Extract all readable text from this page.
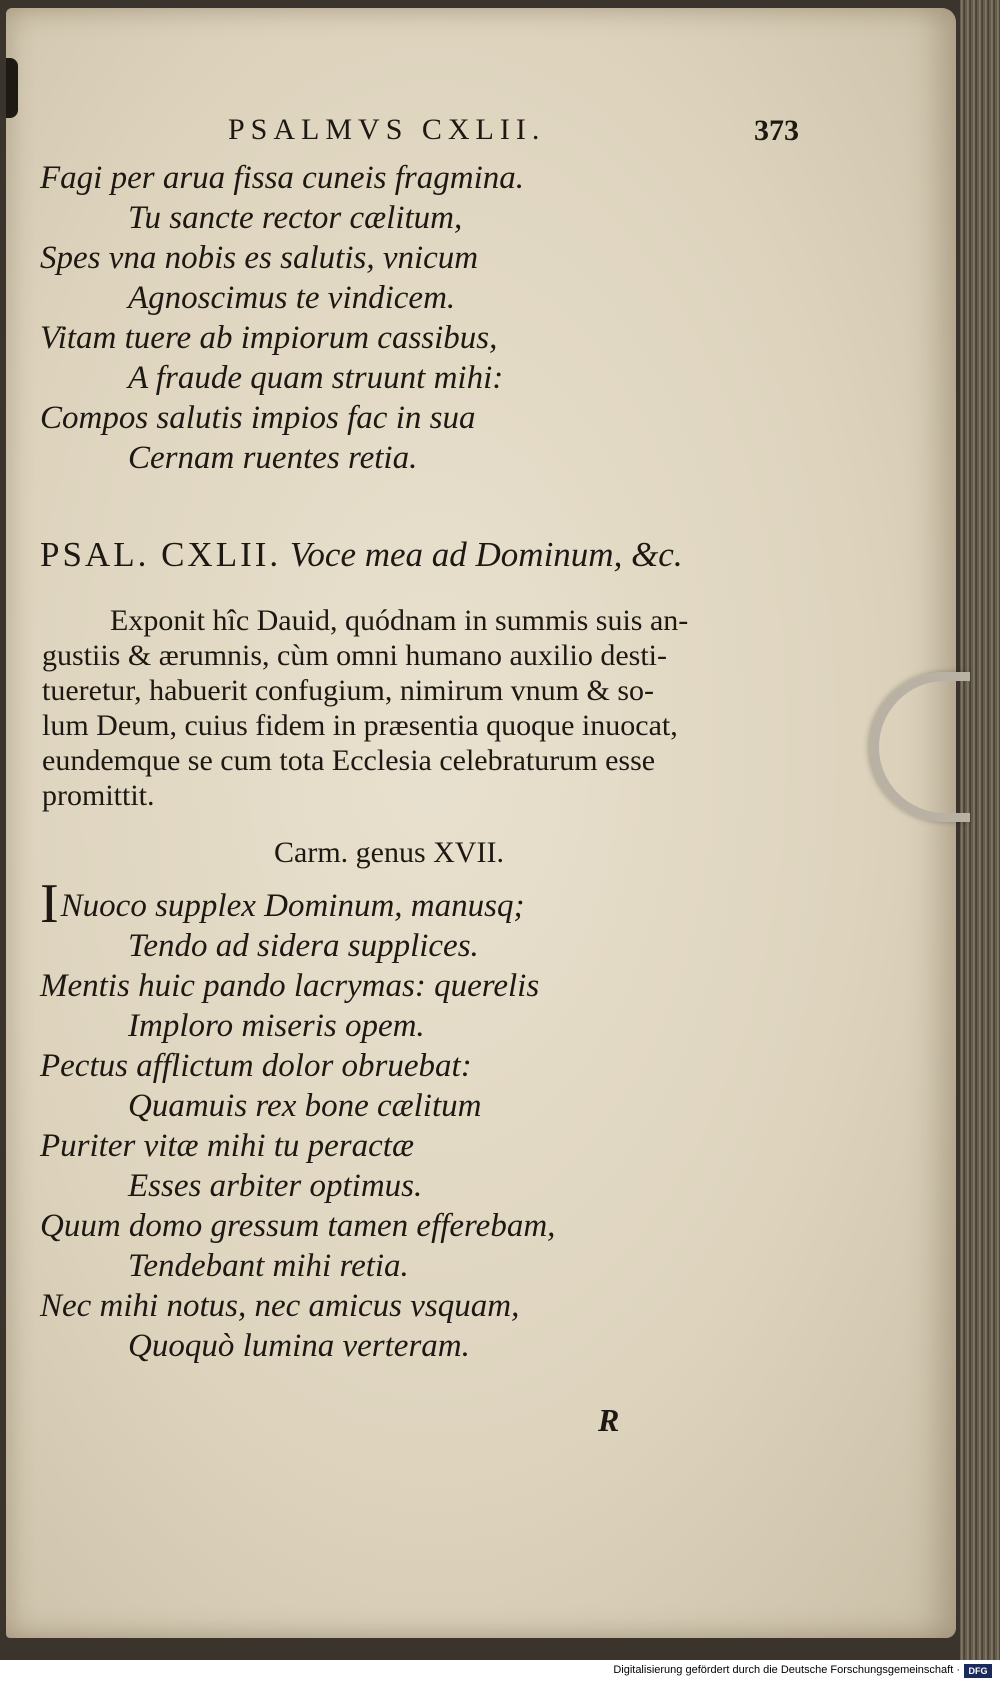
PSALMVS CXLII.	373
Fagi per arua fissa cuneis fragmina.
Tu sancte rector cælitum,
Spes vna nobis es salutis, vnicum
Agnoscimus te vindicem.
Vitam tuere ab impiorum cassibus,
A fraude quam struunt mihi:
Compos salutis impios fac in sua
Cernam ruentes retia.
PSAL. CXLII. Voce mea ad Dominum, &c.
Exponit hîc Dauid, quódnam in summis suis an-
gustiis & ærumnis, cùm omni humano auxilio desti-
tueretur, habuerit confugium, nimirum vnum & so-
lum Deum, cuius fidem in præsentia quoque inuocat,
eundemque se cum tota Ecclesia celebraturum esse
promittit.
Carm. genus XVII.
INuoco supplex Dominum, manusq;
Tendo ad sidera supplices.
Mentis huic pando lacrymas: querelis
Imploro miseris opem.
Pectus afflictum dolor obruebat:
Quamuis rex bone cælitum
Puriter vitæ mihi tu peractæ
Esses arbiter optimus.
Quum domo gressum tamen efferebam,
Tendebant mihi retia.
Nec mihi notus, nec amicus vsquam,
Quoquò lumina verteram.
R
Digitalisierung gefördert durch die Deutsche Forschungsgemeinschaft · DFG
